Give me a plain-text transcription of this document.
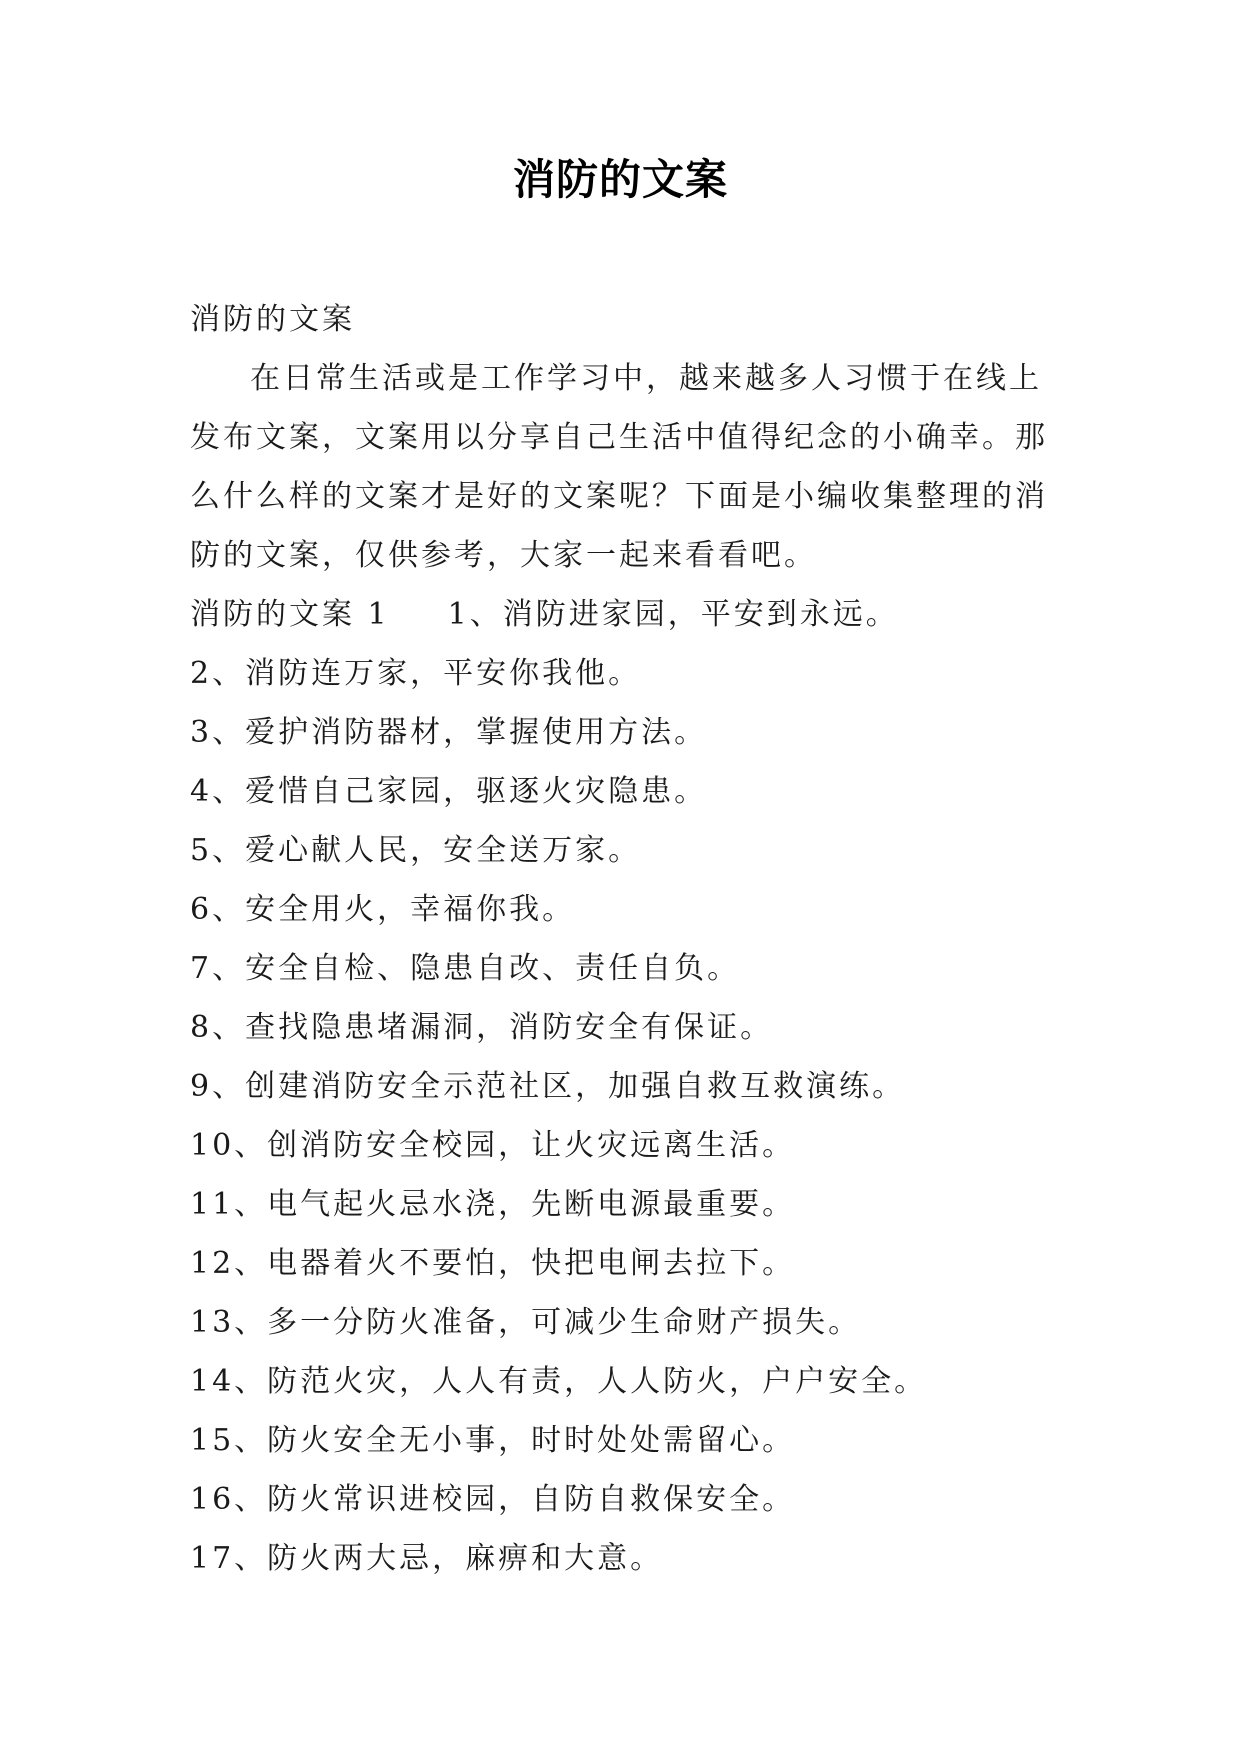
消防的文案

消防的文案

在日常生活或是工作学习中，越来越多人习惯于在线上发布文案，文案用以分享自己生活中值得纪念的小确幸。那么什么样的文案才是好的文案呢？下面是小编收集整理的消防的文案，仅供参考，大家一起来看看吧。

消防的文案 1 1、消防进家园，平安到永远。

2、消防连万家，平安你我他。

3、爱护消防器材，掌握使用方法。

4、爱惜自己家园，驱逐火灾隐患。

5、爱心献人民，安全送万家。

6、安全用火，幸福你我。

7、安全自检、隐患自改、责任自负。

8、查找隐患堵漏洞，消防安全有保证。

9、创建消防安全示范社区，加强自救互救演练。

10、创消防安全校园，让火灾远离生活。

11、电气起火忌水浇，先断电源最重要。

12、电器着火不要怕，快把电闸去拉下。

13、多一分防火准备，可减少生命财产损失。

14、防范火灾，人人有责，人人防火，户户安全。

15、防火安全无小事，时时处处需留心。

16、防火常识进校园，自防自救保安全。

17、防火两大忌，麻痹和大意。
